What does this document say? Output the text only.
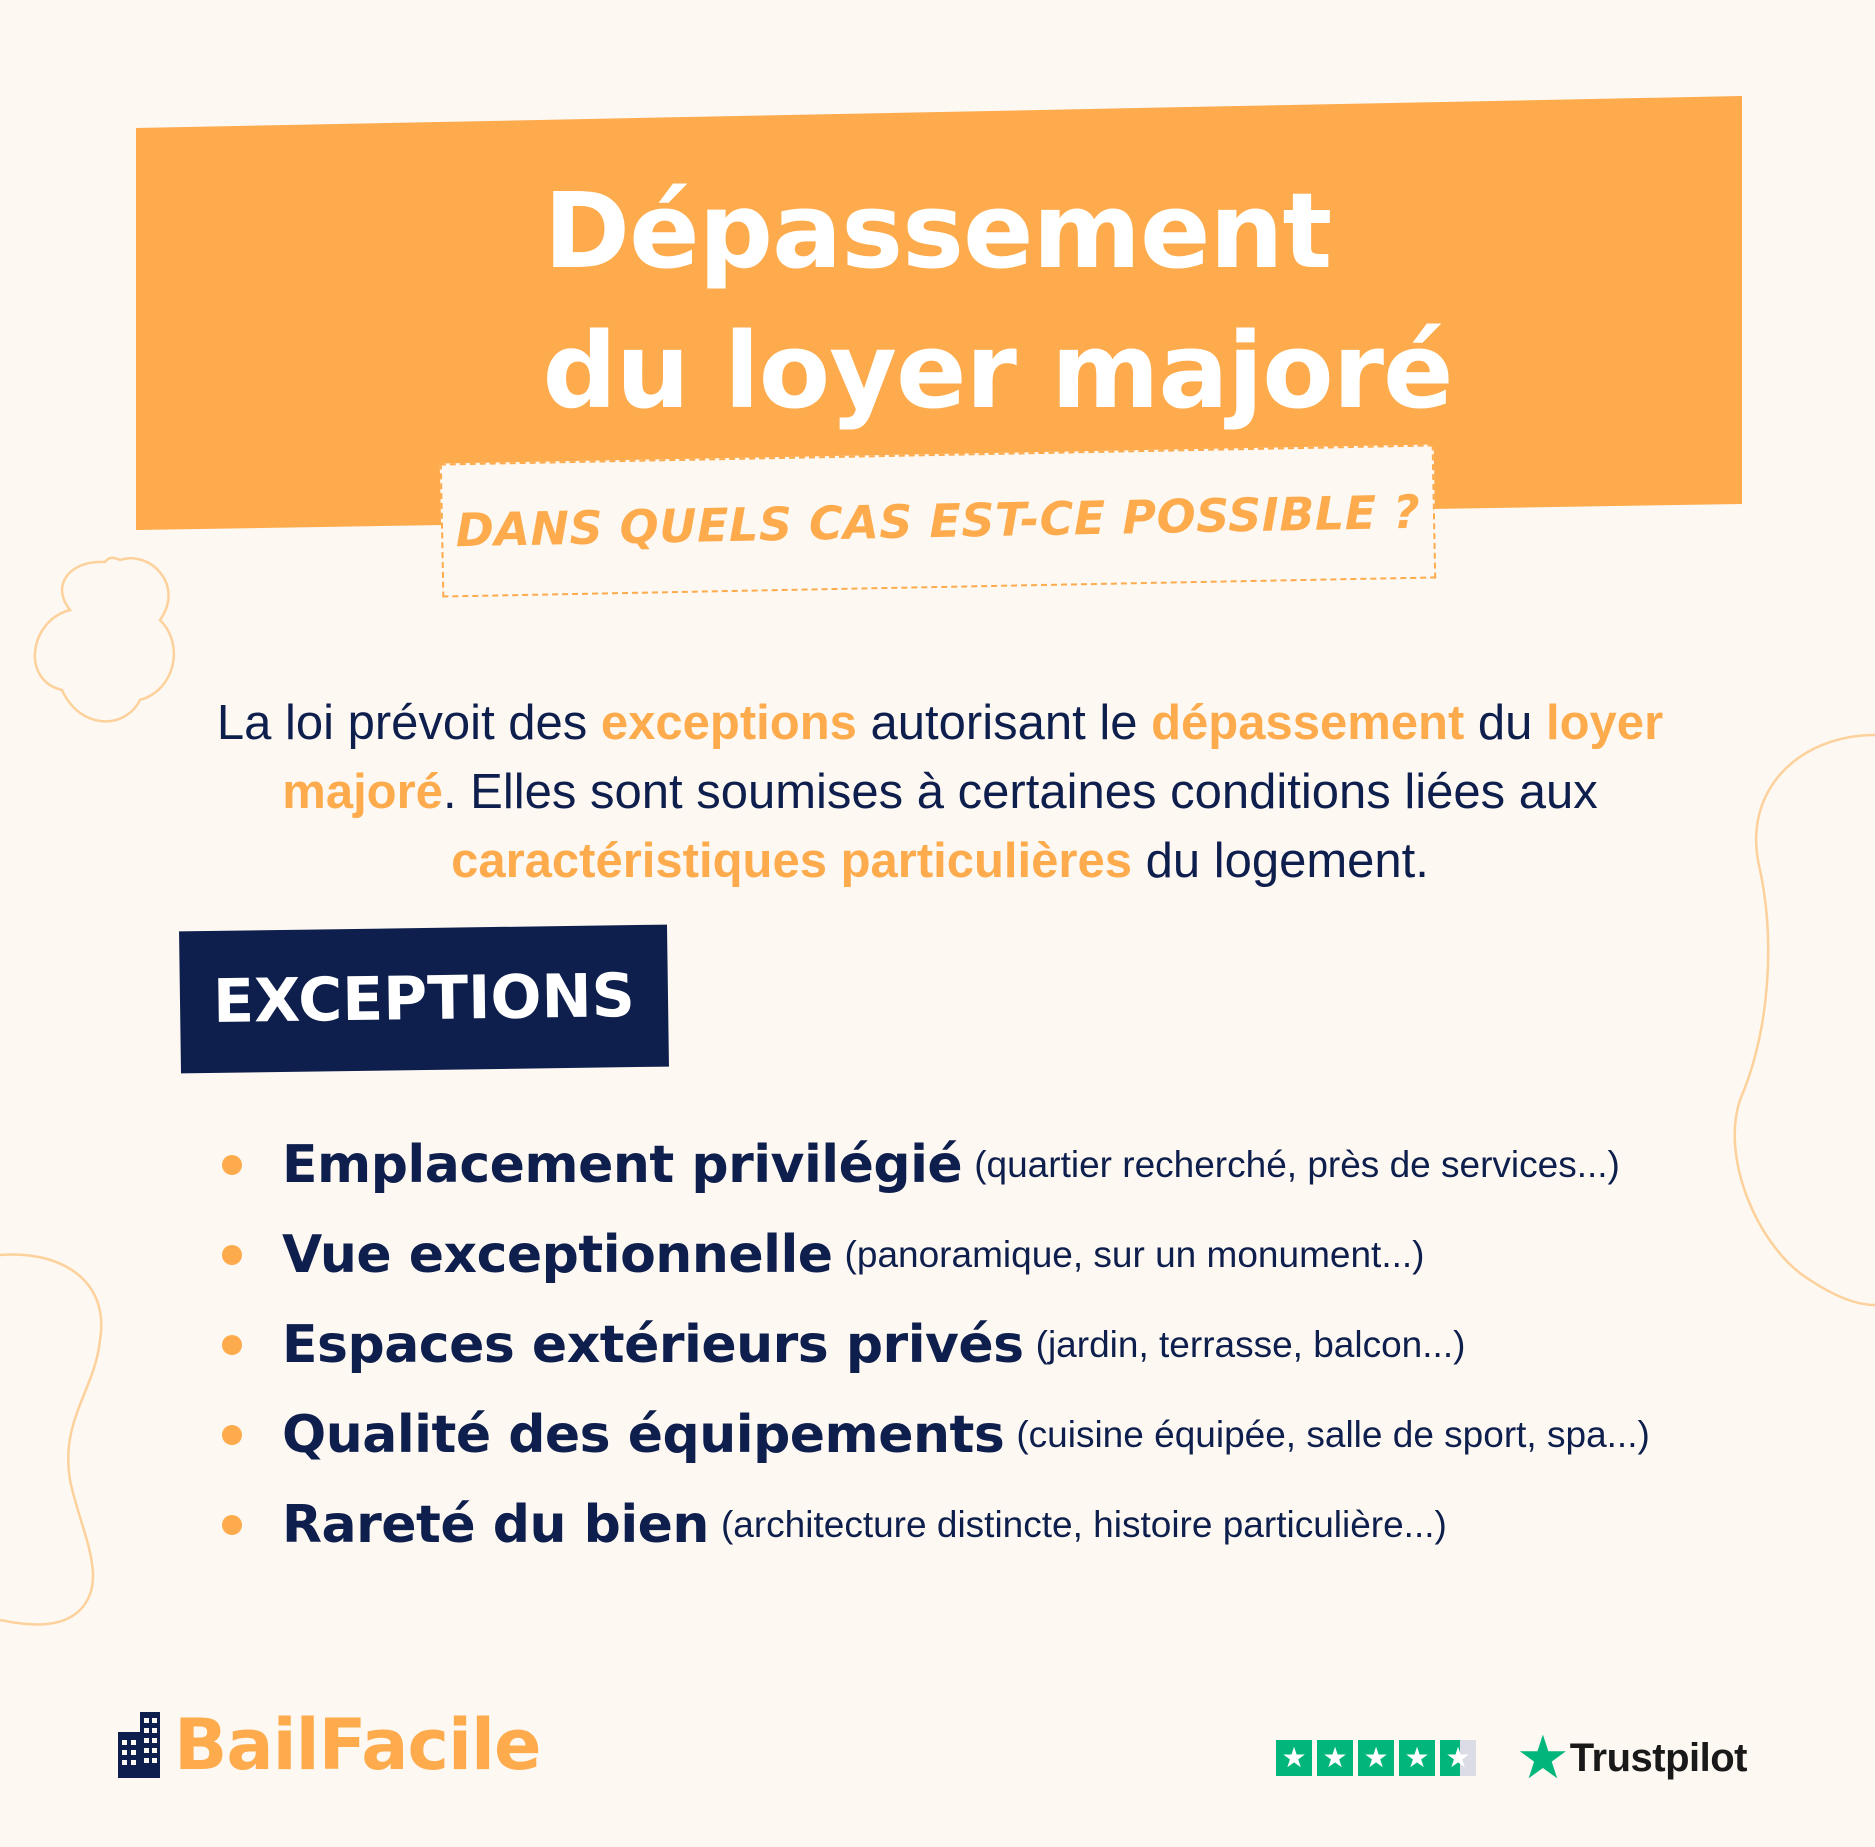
Dépassement
du loyer majoré
DANS QUELS CAS EST-CE POSSIBLE ?

La loi prévoit des exceptions autorisant le dépassement du loyer majoré. Elles sont soumises à certaines conditions liées aux caractéristiques particulières du logement.

EXCEPTIONS
Emplacement privilégié (quartier recherché, près de services...)
Vue exceptionnelle (panoramique, sur un monument...)
Espaces extérieurs privés (jardin, terrasse, balcon...)
Qualité des équipements (cuisine équipée, salle de sport, spa...)
Rareté du bien (architecture distincte, histoire particulière...)
BailFacile	★ ★ ★ ★ ★ ★ Trustpilot
